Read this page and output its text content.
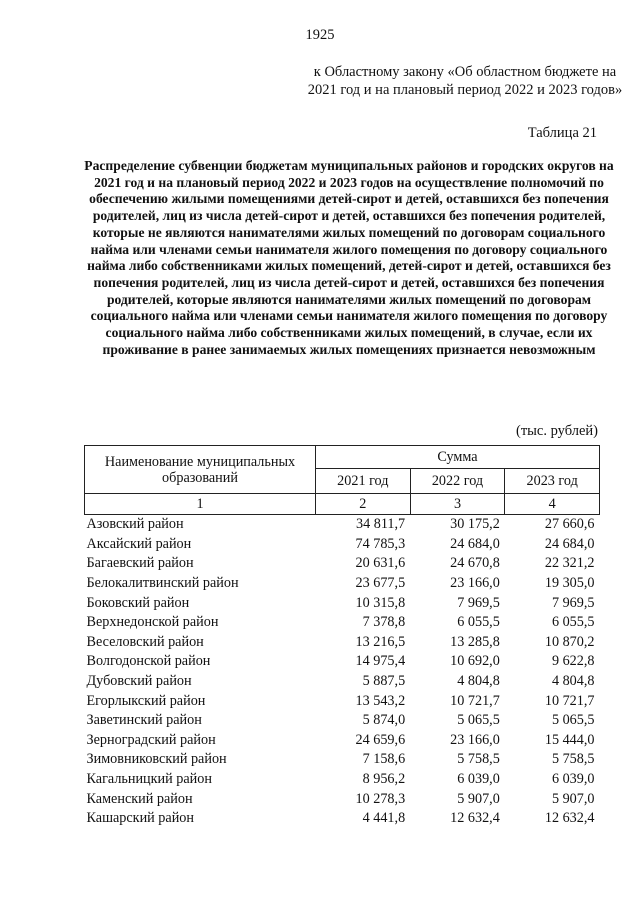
1925
к Областному закону «Об областном бюджете на 2021 год и на плановый период 2022 и 2023 годов»
Таблица 21
Распределение субвенции бюджетам муниципальных районов и городских округов на 2021 год и на плановый период 2022 и 2023 годов на осуществление полномочий по обеспечению жилыми помещениями детей-сирот и детей, оставшихся без попечения родителей, лиц из числа детей-сирот и детей, оставшихся без попечения родителей, которые не являются нанимателями жилых помещений по договорам социального найма или членами семьи нанимателя жилого помещения по договору социального найма либо собственниками жилых помещений, детей-сирот и детей, оставшихся без попечения родителей, лиц из числа детей-сирот и детей, оставшихся без попечения родителей, которые являются нанимателями жилых помещений по договорам социального найма или членами семьи нанимателя жилого помещения по договору социального найма либо собственниками жилых помещений, в случае, если их проживание в ранее занимаемых жилых помещениях признается невозможным
(тыс. рублей)
Наименование муниципальных образований	Сумма		
	2021 год	2022 год	2023 год
1	2	3	4
Азовский район	34 811,7	30 175,2	27 660,6
Аксайский район	74 785,3	24 684,0	24 684,0
Багаевский район	20 631,6	24 670,8	22 321,2
Белокалитвинский район	23 677,5	23 166,0	19 305,0
Боковский район	10 315,8	7 969,5	7 969,5
Верхнедонской район	7 378,8	6 055,5	6 055,5
Веселовский район	13 216,5	13 285,8	10 870,2
Волгодонской район	14 975,4	10 692,0	9 622,8
Дубовский район	5 887,5	4 804,8	4 804,8
Егорлыкский район	13 543,2	10 721,7	10 721,7
Заветинский район	5 874,0	5 065,5	5 065,5
Зерноградский район	24 659,6	23 166,0	15 444,0
Зимовниковский район	7 158,6	5 758,5	5 758,5
Кагальницкий район	8 956,2	6 039,0	6 039,0
Каменский район	10 278,3	5 907,0	5 907,0
Кашарский район	4 441,8	12 632,4	12 632,4
